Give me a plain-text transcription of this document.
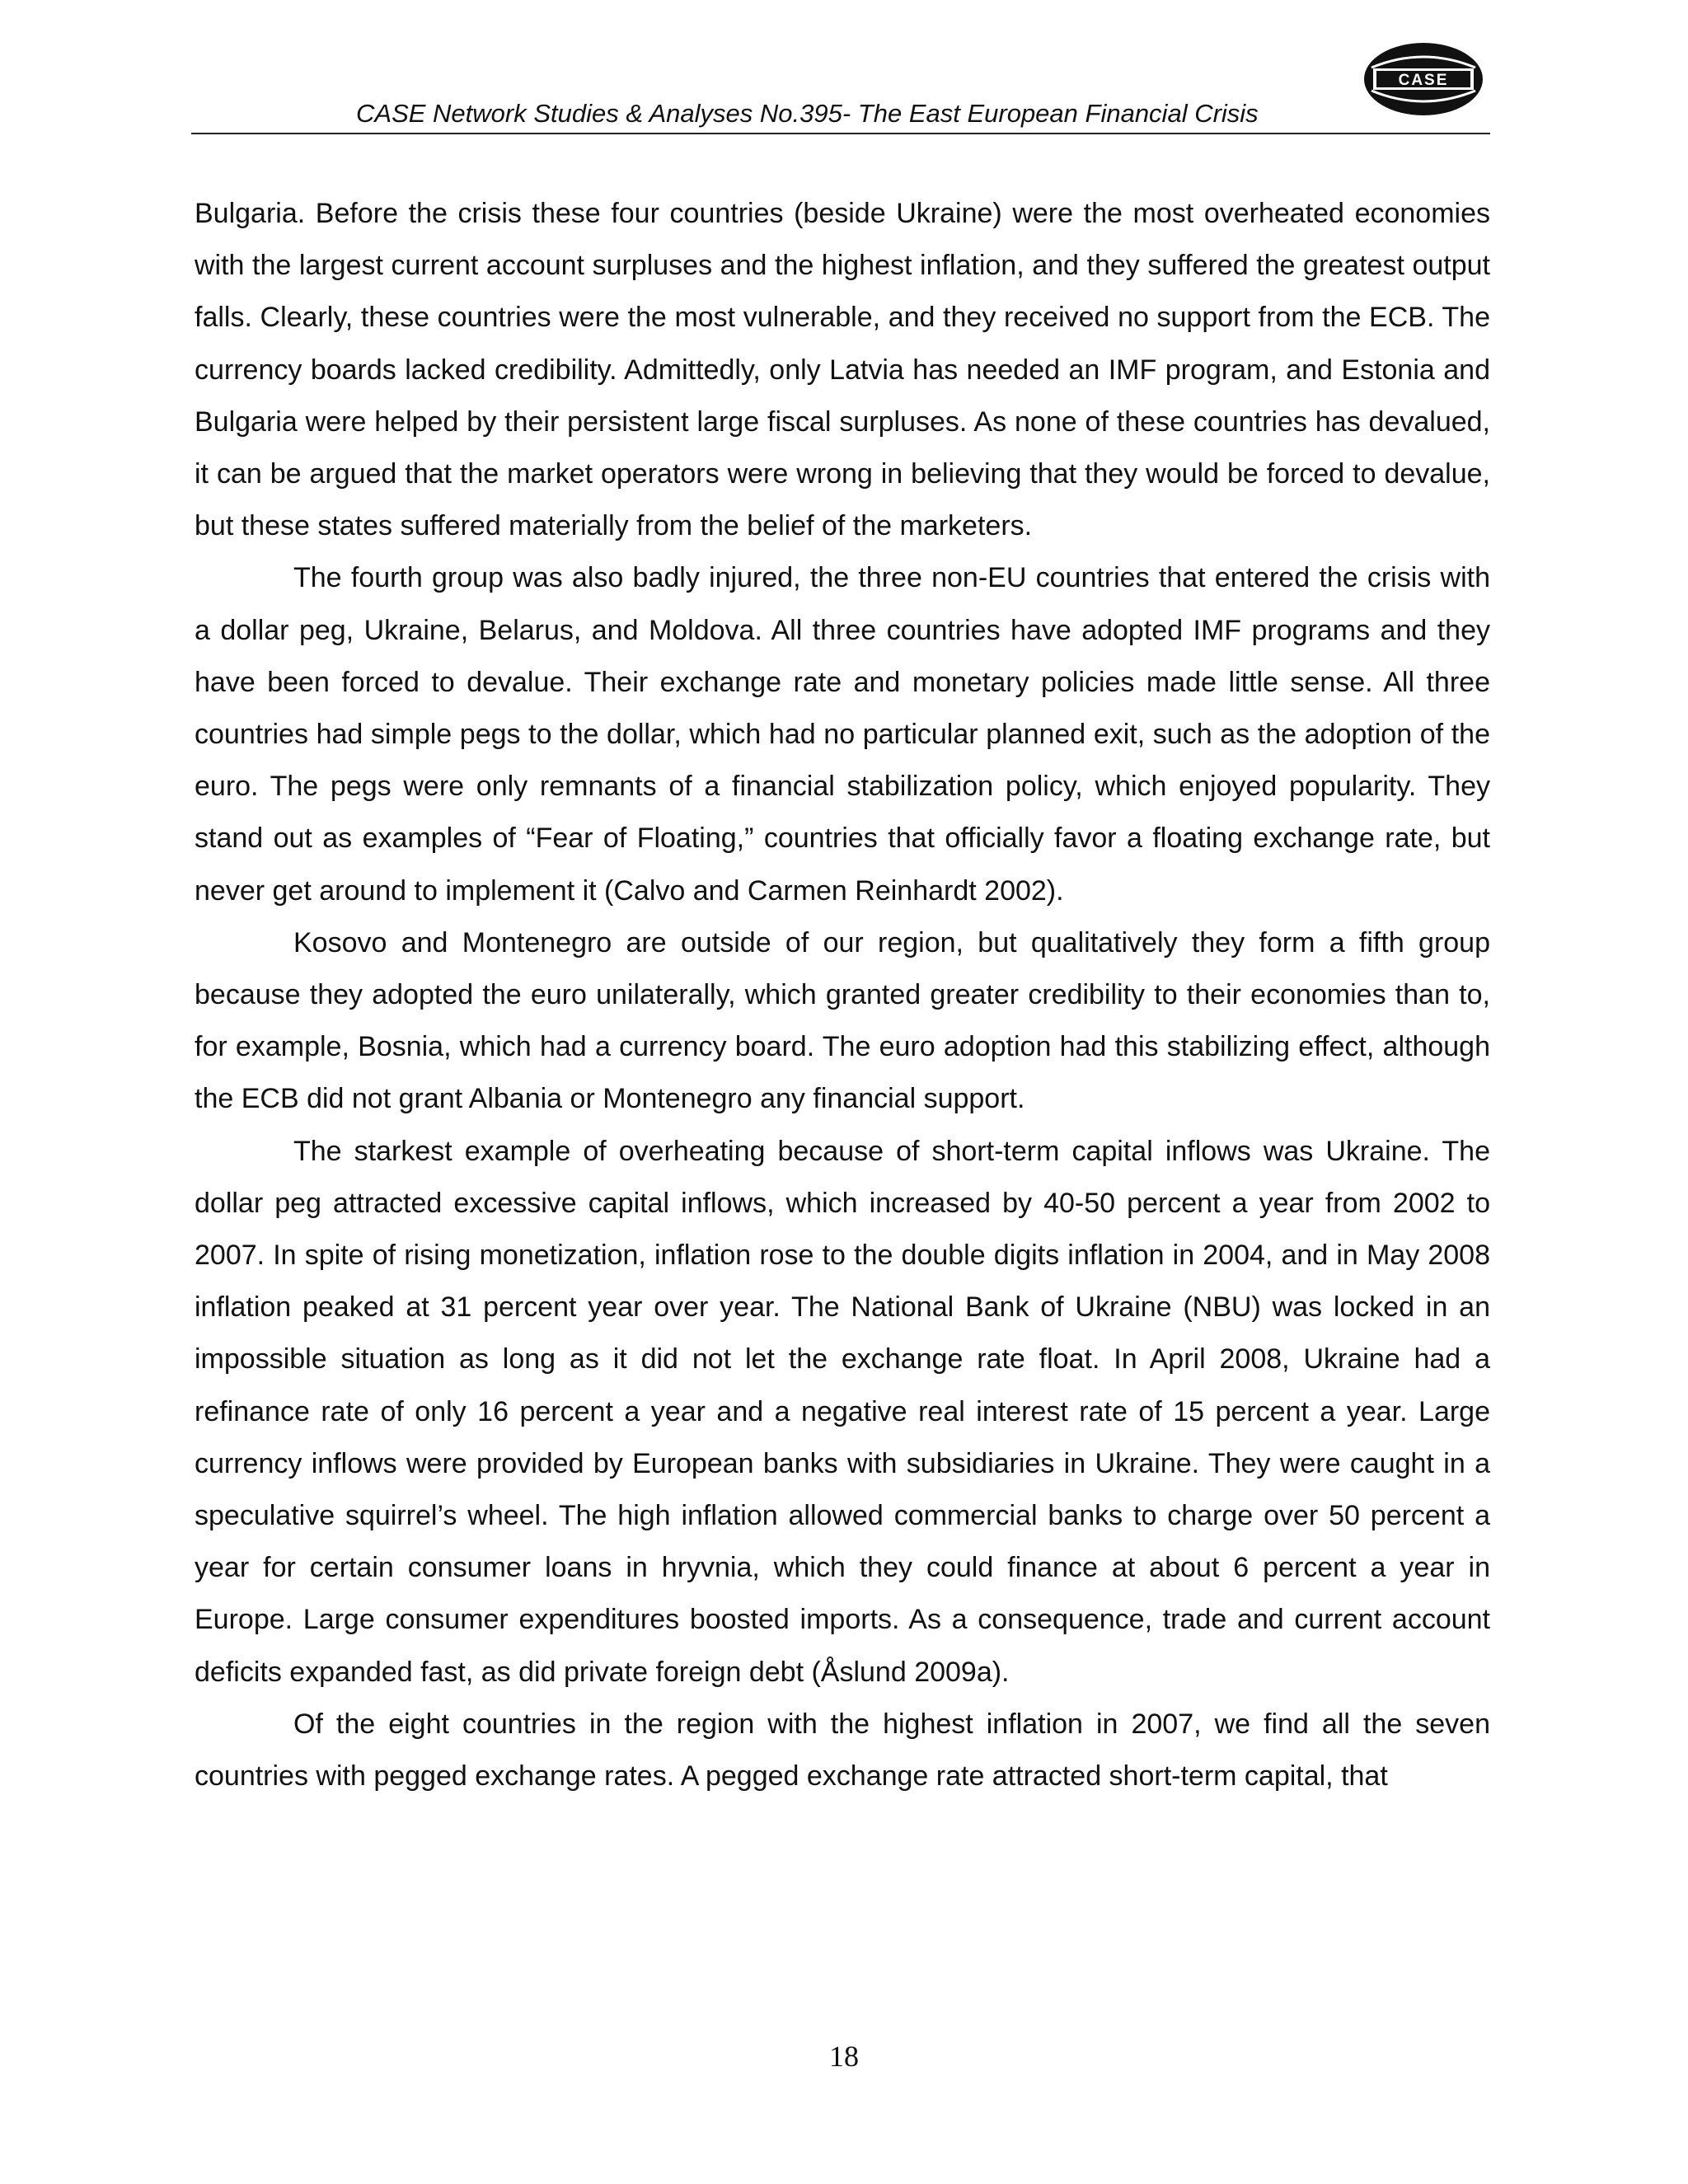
CASE Network Studies & Analyses No.395- The East European Financial Crisis
CASE

Bulgaria. Before the crisis these four countries (beside Ukraine) were the most overheated economies with the largest current account surpluses and the highest inflation, and they suffered the greatest output falls. Clearly, these countries were the most vulnerable, and they received no support from the ECB. The currency boards lacked credibility. Admittedly, only Latvia has needed an IMF program, and Estonia and Bulgaria were helped by their persistent large fiscal surpluses. As none of these countries has devalued, it can be argued that the market operators were wrong in believing that they would be forced to devalue, but these states suffered materially from the belief of the marketers.

The fourth group was also badly injured, the three non-EU countries that entered the crisis with a dollar peg, Ukraine, Belarus, and Moldova. All three countries have adopted IMF programs and they have been forced to devalue. Their exchange rate and monetary policies made little sense. All three countries had simple pegs to the dollar, which had no particular planned exit, such as the adoption of the euro. The pegs were only remnants of a financial stabilization policy, which enjoyed popularity. They stand out as examples of “Fear of Floating,” countries that officially favor a floating exchange rate, but never get around to implement it (Calvo and Carmen Reinhardt 2002).

Kosovo and Montenegro are outside of our region, but qualitatively they form a fifth group because they adopted the euro unilaterally, which granted greater credibility to their economies than to, for example, Bosnia, which had a currency board. The euro adoption had this stabilizing effect, although the ECB did not grant Albania or Montenegro any financial support.

The starkest example of overheating because of short-term capital inflows was Ukraine. The dollar peg attracted excessive capital inflows, which increased by 40-50 percent a year from 2002 to 2007. In spite of rising monetization, inflation rose to the double digits inflation in 2004, and in May 2008 inflation peaked at 31 percent year over year. The National Bank of Ukraine (NBU) was locked in an impossible situation as long as it did not let the exchange rate float. In April 2008, Ukraine had a refinance rate of only 16 percent a year and a negative real interest rate of 15 percent a year. Large currency inflows were provided by European banks with subsidiaries in Ukraine. They were caught in a speculative squirrel’s wheel. The high inflation allowed commercial banks to charge over 50 percent a year for certain consumer loans in hryvnia, which they could finance at about 6 percent a year in Europe. Large consumer expenditures boosted imports. As a consequence, trade and current account deficits expanded fast, as did private foreign debt (Åslund 2009a).

Of the eight countries in the region with the highest inflation in 2007, we find all the seven countries with pegged exchange rates. A pegged exchange rate attracted short-term capital, that

18
